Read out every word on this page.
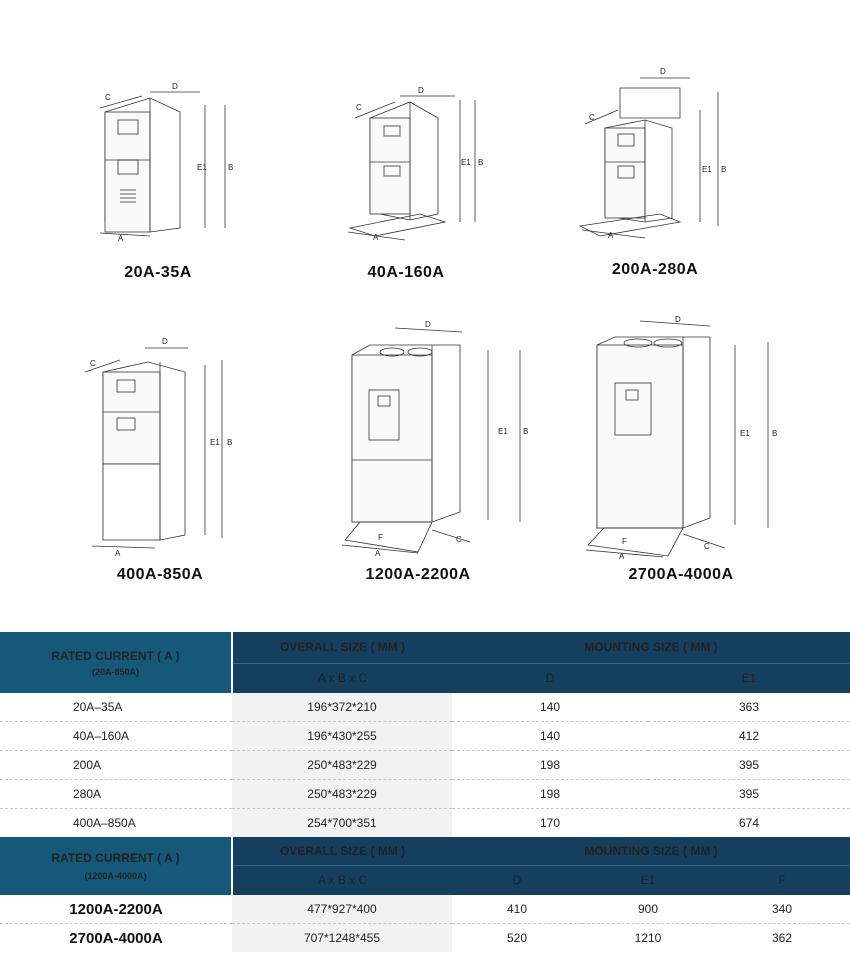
D
C
E1	B
A
D
C
E1 B
A
D
C
E1 B
A
D
C
E1 B
A
D
E1 B
A
F	C
D
E1	B
A
F
C
20A-35A	40A-160A	200A-280A
400A-850A	1200A-2200A	2700A-4000A
RATED CURRENT ( A )
(20A-850A)	OVERALL SIZE ( MM )	MOUNTING SIZE ( MM )	
	A x B x C	D	E1
20A–35A	196*372*210	140	363
40A–160A	196*430*255	140	412
200A	250*483*229	198	395
280A	250*483*229	198	395
400A–850A	254*700*351	170	674
RATED CURRENT ( A )
(1200A-4000A)	OVERALL SIZE ( MM )	MOUNTING SIZE ( MM )		
	A x B x C	D	E1	F
1200A-2200A	477*927*400	410	900	340
2700A-4000A	707*1248*455	520	1210	362
